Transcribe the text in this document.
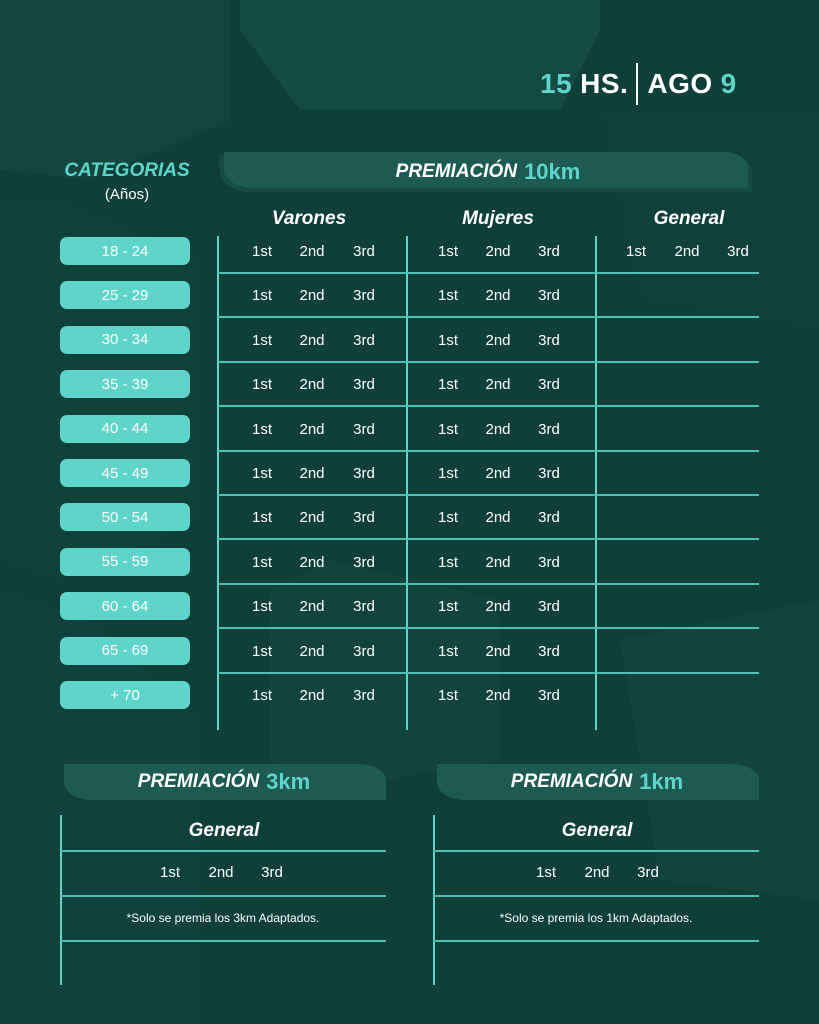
15 HS. AGO 9
CATEGORIAS
(Años)
PREMIACIÓN 10km
Varones	Mujeres	General
18 - 24	1st	2nd	3rd	1st	2nd	3rd	1st	2nd	3rd
25 - 29	1st	2nd	3rd	1st	2nd	3rd
30 - 34	1st	2nd	3rd	1st	2nd	3rd
35 - 39	1st	2nd	3rd	1st	2nd	3rd
40 - 44	1st	2nd	3rd	1st	2nd	3rd
45 - 49	1st	2nd	3rd	1st	2nd	3rd
50 - 54	1st	2nd	3rd	1st	2nd	3rd
55 - 59	1st	2nd	3rd	1st	2nd	3rd
60 - 64	1st	2nd	3rd	1st	2nd	3rd
65 - 69	1st	2nd	3rd	1st	2nd	3rd
+ 70	1st	2nd	3rd	1st	2nd	3rd
PREMIACIÓN 3km
General
1st	2nd	3rd
*Solo se premia los 3km Adaptados.
PREMIACIÓN 1km
General
1st	2nd	3rd
*Solo se premia los 1km Adaptados.
